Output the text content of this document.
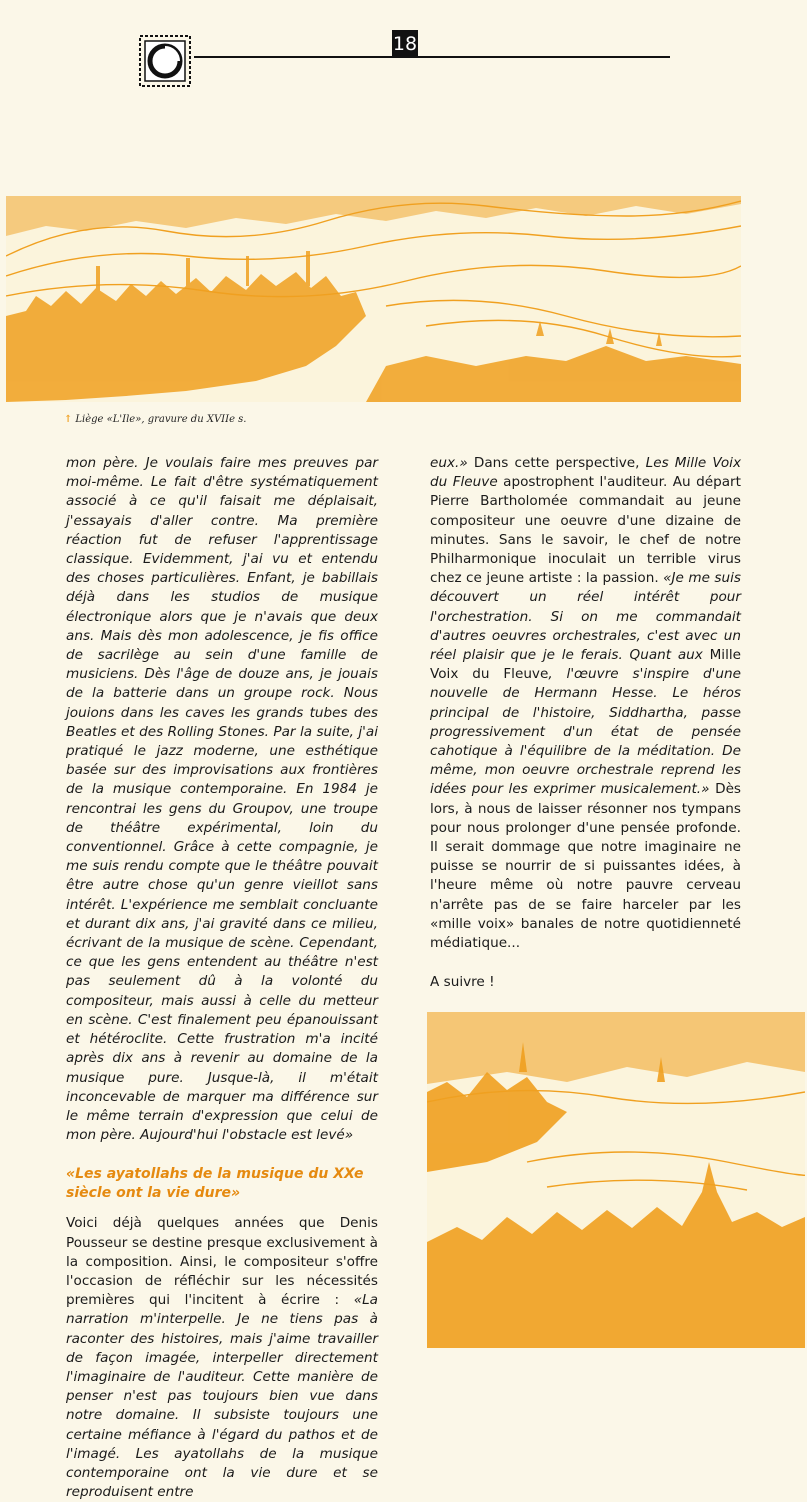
18
↑ Liège «L'Ile», gravure du XVIIe s.

mon père. Je voulais faire mes preuves par moi-même. Le fait d'être systématiquement associé à ce qu'il faisait me déplaisait, j'essayais d'aller contre. Ma première réaction fut de refuser l'apprentissage classique. Evidemment, j'ai vu et entendu des choses particulières. Enfant, je babillais déjà dans les studios de musique électronique alors que je n'avais que deux ans. Mais dès mon adolescence, je fis office de sacrilège au sein d'une famille de musiciens. Dès l'âge de douze ans, je jouais de la batterie dans un groupe rock. Nous jouions dans les caves les grands tubes des Beatles et des Rolling Stones. Par la suite, j'ai pratiqué le jazz moderne, une esthétique basée sur des improvisations aux frontières de la musique contemporaine. En 1984 je rencontrai les gens du Groupov, une troupe de théâtre expérimental, loin du conventionnel. Grâce à cette compagnie, je me suis rendu compte que le théâtre pouvait être autre chose qu'un genre vieillot sans intérêt. L'expérience me semblait concluante et durant dix ans, j'ai gravité dans ce milieu, écrivant de la musique de scène. Cependant, ce que les gens entendent au théâtre n'est pas seulement dû à la volonté du compositeur, mais aussi à celle du metteur en scène. C'est finalement peu épanouissant et hétéroclite. Cette frustration m'a incité après dix ans à revenir au domaine de la musique pure. Jusque-là, il m'était inconcevable de marquer ma différence sur le même terrain d'expression que celui de mon père. Aujourd'hui l'obstacle est levé»

«Les ayatollahs de la musique du XXe siècle ont la vie dure»

Voici déjà quelques années que Denis Pousseur se destine presque exclusivement à la composition. Ainsi, le compositeur s'offre l'occasion de réfléchir sur les nécessités premières qui l'incitent à écrire : «La narration m'interpelle. Je ne tiens pas à raconter des histoires, mais j'aime travailler de façon imagée, interpeller directement l'imaginaire de l'auditeur. Cette manière de penser n'est pas toujours bien vue dans notre domaine. Il subsiste toujours une certaine méfiance à l'égard du pathos et de l'imagé. Les ayatollahs de la musique contemporaine ont la vie dure et se reproduisent entre

eux.» Dans cette perspective, Les Mille Voix du Fleuve apostrophent l'auditeur. Au départ Pierre Bartholomée commandait au jeune compositeur une oeuvre d'une dizaine de minutes. Sans le savoir, le chef de notre Philharmonique inoculait un terrible virus chez ce jeune artiste : la passion. «Je me suis découvert un réel intérêt pour l'orchestration. Si on me commandait d'autres oeuvres orchestrales, c'est avec un réel plaisir que je le ferais. Quant aux Mille Voix du Fleuve, l'œuvre s'inspire d'une nouvelle de Hermann Hesse. Le héros principal de l'histoire, Siddhartha, passe progressivement d'un état de pensée cahotique à l'équilibre de la méditation. De même, mon oeuvre orchestrale reprend les idées pour les exprimer musicalement.» Dès lors, à nous de laisser résonner nos tympans pour nous prolonger d'une pensée profonde. Il serait dommage que notre imaginaire ne puisse se nourrir de si puissantes idées, à l'heure même où notre pauvre cerveau n'arrête pas de se faire harceler par les «mille voix» banales de notre quotidienneté médiatique...

A suivre !
